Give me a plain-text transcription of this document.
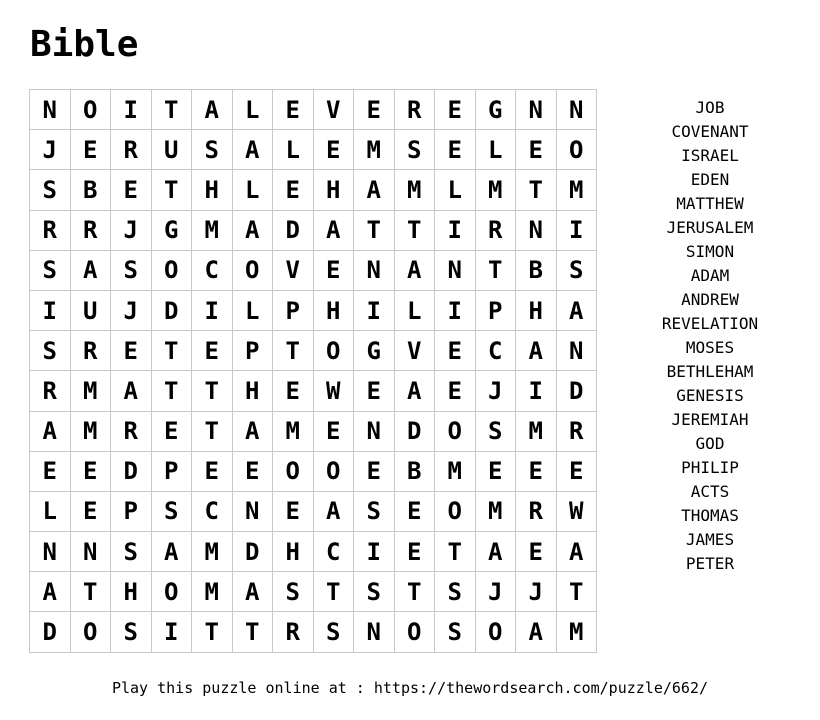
Bible
N	O	I	T	A	L	E	V	E	R	E	G	N	N
J	E	R	U	S	A	L	E	M	S	E	L	E	O
S	B	E	T	H	L	E	H	A	M	L	M	T	M
R	R	J	G	M	A	D	A	T	T	I	R	N	I
S	A	S	O	C	O	V	E	N	A	N	T	B	S
I	U	J	D	I	L	P	H	I	L	I	P	H	A
S	R	E	T	E	P	T	O	G	V	E	C	A	N
R	M	A	T	T	H	E	W	E	A	E	J	I	D
A	M	R	E	T	A	M	E	N	D	O	S	M	R
E	E	D	P	E	E	O	O	E	B	M	E	E	E
L	E	P	S	C	N	E	A	S	E	O	M	R	W
N	N	S	A	M	D	H	C	I	E	T	A	E	A
A	T	H	O	M	A	S	T	S	T	S	J	J	T
D	O	S	I	T	T	R	S	N	O	S	O	A	M
JOB
COVENANT
ISRAEL
EDEN
MATTHEW
JERUSALEM
SIMON
ADAM
ANDREW
REVELATION
MOSES
BETHLEHAM
GENESIS
JEREMIAH
GOD
PHILIP
ACTS
THOMAS
JAMES
PETER
Play this puzzle online at : https://thewordsearch.com/puzzle/662/
